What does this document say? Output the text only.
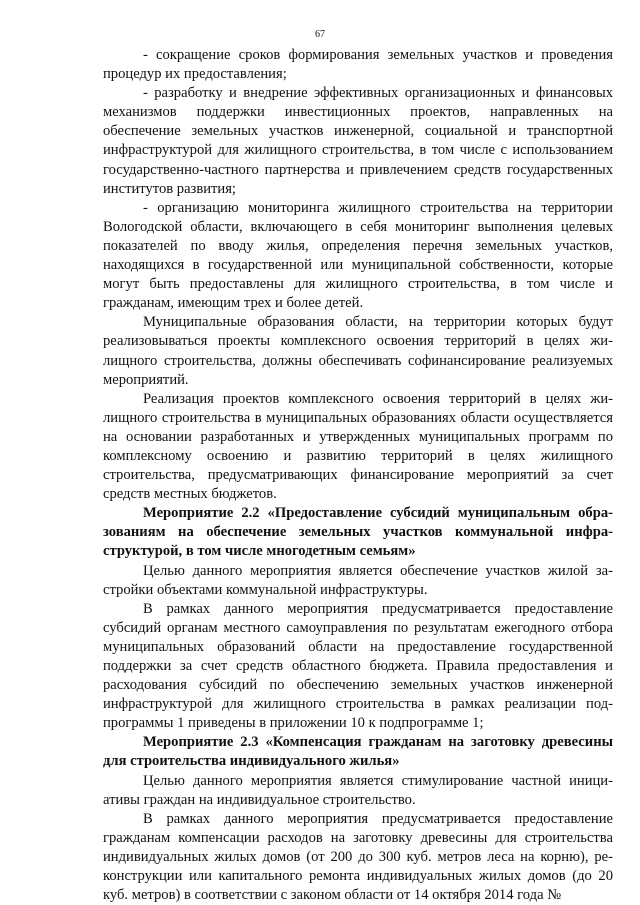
67

- сокращение сроков формирования земельных участков и проведения процедур их предоставления;

- разработку и внедрение эффективных организационных и финансовых механизмов поддержки инвестиционных проектов, направленных на обеспечение земельных участков инженерной, социальной и транспортной инфраструктурой для жилищного строительства, в том числе с использованием государственно-частного партнерства и привлечением средств государственных институтов развития;

- организацию мониторинга жилищного строительства на территории Вологодской области, включающего в себя мониторинг выполнения целевых показателей по вводу жилья, определения перечня земельных участков, находящихся в государственной или муниципальной собственности, которые могут быть предоставлены для жилищного строительства, в том числе и гражданам, имеющим трех и более детей.

Муниципальные образования области, на территории которых будут реализовываться проекты комплексного освоения территорий в целях жилищного строительства, должны обеспечивать софинансирование реализуемых мероприятий.

Реализация проектов комплексного освоения территорий в целях жилищного строительства в муниципальных образованиях области осуществляется на основании разработанных и утвержденных муниципальных программ по комплексному освоению и развитию территорий в целях жилищного строительства, предусматривающих финансирование мероприятий за счет средств местных бюджетов.

Мероприятие 2.2 «Предоставление субсидий муниципальным образованиям на обеспечение земельных участков коммунальной инфраструктурой, в том числе многодетным семьям»

Целью данного мероприятия является обеспечение участков жилой застройки объектами коммунальной инфраструктуры.

В рамках данного мероприятия предусматривается предоставление субсидий органам местного самоуправления по результатам ежегодного отбора муниципальных образований области на предоставление государственной поддержки за счет средств областного бюджета. Правила предоставления и расходования субсидий по обеспечению земельных участков инженерной инфраструктурой для жилищного строительства в рамках реализации подпрограммы 1 приведены в приложении 10 к подпрограмме 1;

Мероприятие 2.3 «Компенсация гражданам на заготовку древесины для строительства индивидуального жилья»

Целью данного мероприятия является стимулирование частной инициативы граждан на индивидуальное строительство.

В рамках данного мероприятия предусматривается предоставление гражданам компенсации расходов на заготовку древесины для строительства индивидуальных жилых домов (от 200 до 300 куб. метров леса на корню), реконструкции или капитального ремонта индивидуальных жилых домов (до 20 куб. метров) в соответствии с законом области от 14 октября 2014 года №
